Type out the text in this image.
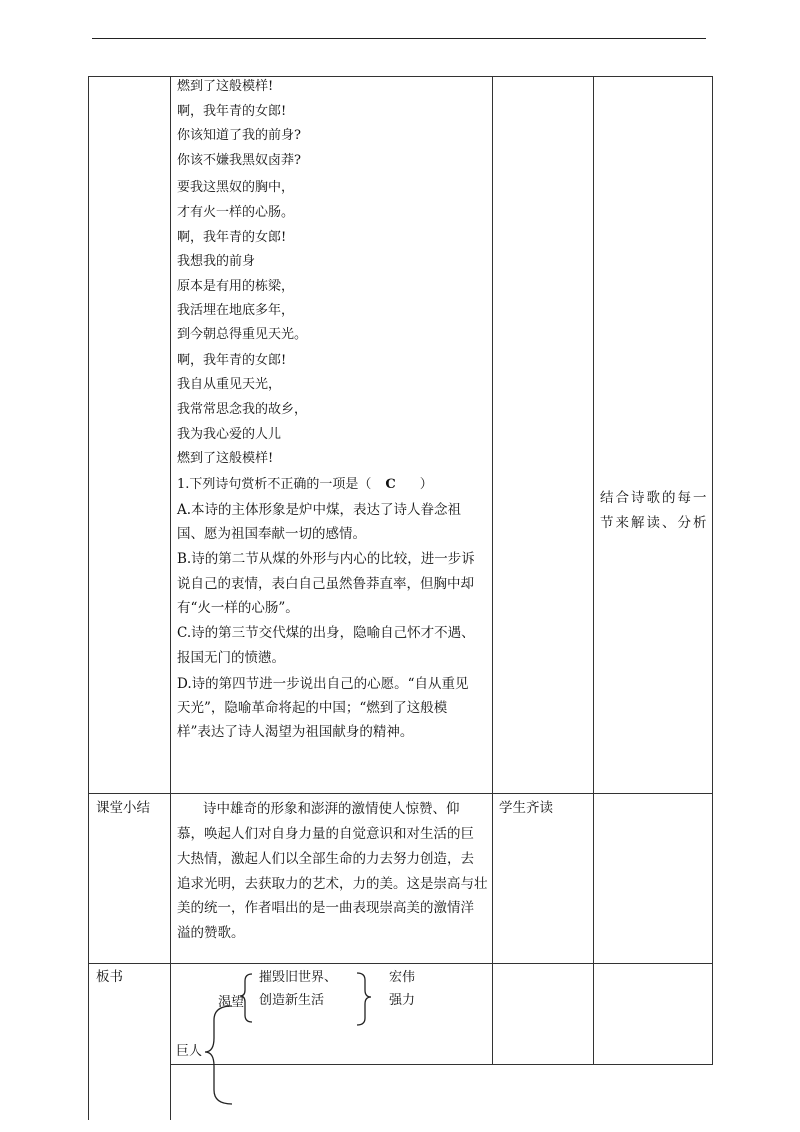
燃到了这般模样!
啊，我年青的女郎!
你该知道了我的前身?
你该不嫌我黑奴卤莽?
要我这黑奴的胸中，
才有火一样的心肠。
啊，我年青的女郎!
我想我的前身
原本是有用的栋梁，
我活埋在地底多年，
到今朝总得重见天光。
啊，我年青的女郎!
我自从重见天光，
我常常思念我的故乡，
我为我心爱的人儿
燃到了这般模样!
1.下列诗句赏析不正确的一项是（ C ）
A.本诗的主体形象是炉中煤，表达了诗人眷念祖
国、愿为祖国奉献一切的感情。
B.诗的第二节从煤的外形与内心的比较，进一步诉
说自己的衷情，表白自己虽然鲁莽直率，但胸中却
有“火一样的心肠”。
C.诗的第三节交代煤的出身，隐喻自己怀才不遇、
报国无门的愤懑。
D.诗的第四节进一步说出自己的心愿。“自从重见
天光”，隐喻革命将起的中国；“燃到了这般模
样”表达了诗人渴望为祖国献身的精神。
结合诗歌的每一
节来解读、分析
课堂小结	诗中雄奇的形象和澎湃的激情使人惊赞、仰
慕，唤起人们对自身力量的自觉意识和对生活的巨
大热情，激起人们以全部生命的力去努力创造，去
追求光明，去获取力的艺术，力的美。这是崇高与壮
美的统一，作者唱出的是一曲表现崇高美的激情洋
溢的赞歌。
学生齐读
板书	摧毁旧世界、
创造新生活
渴望
宏伟
强力
巨人
